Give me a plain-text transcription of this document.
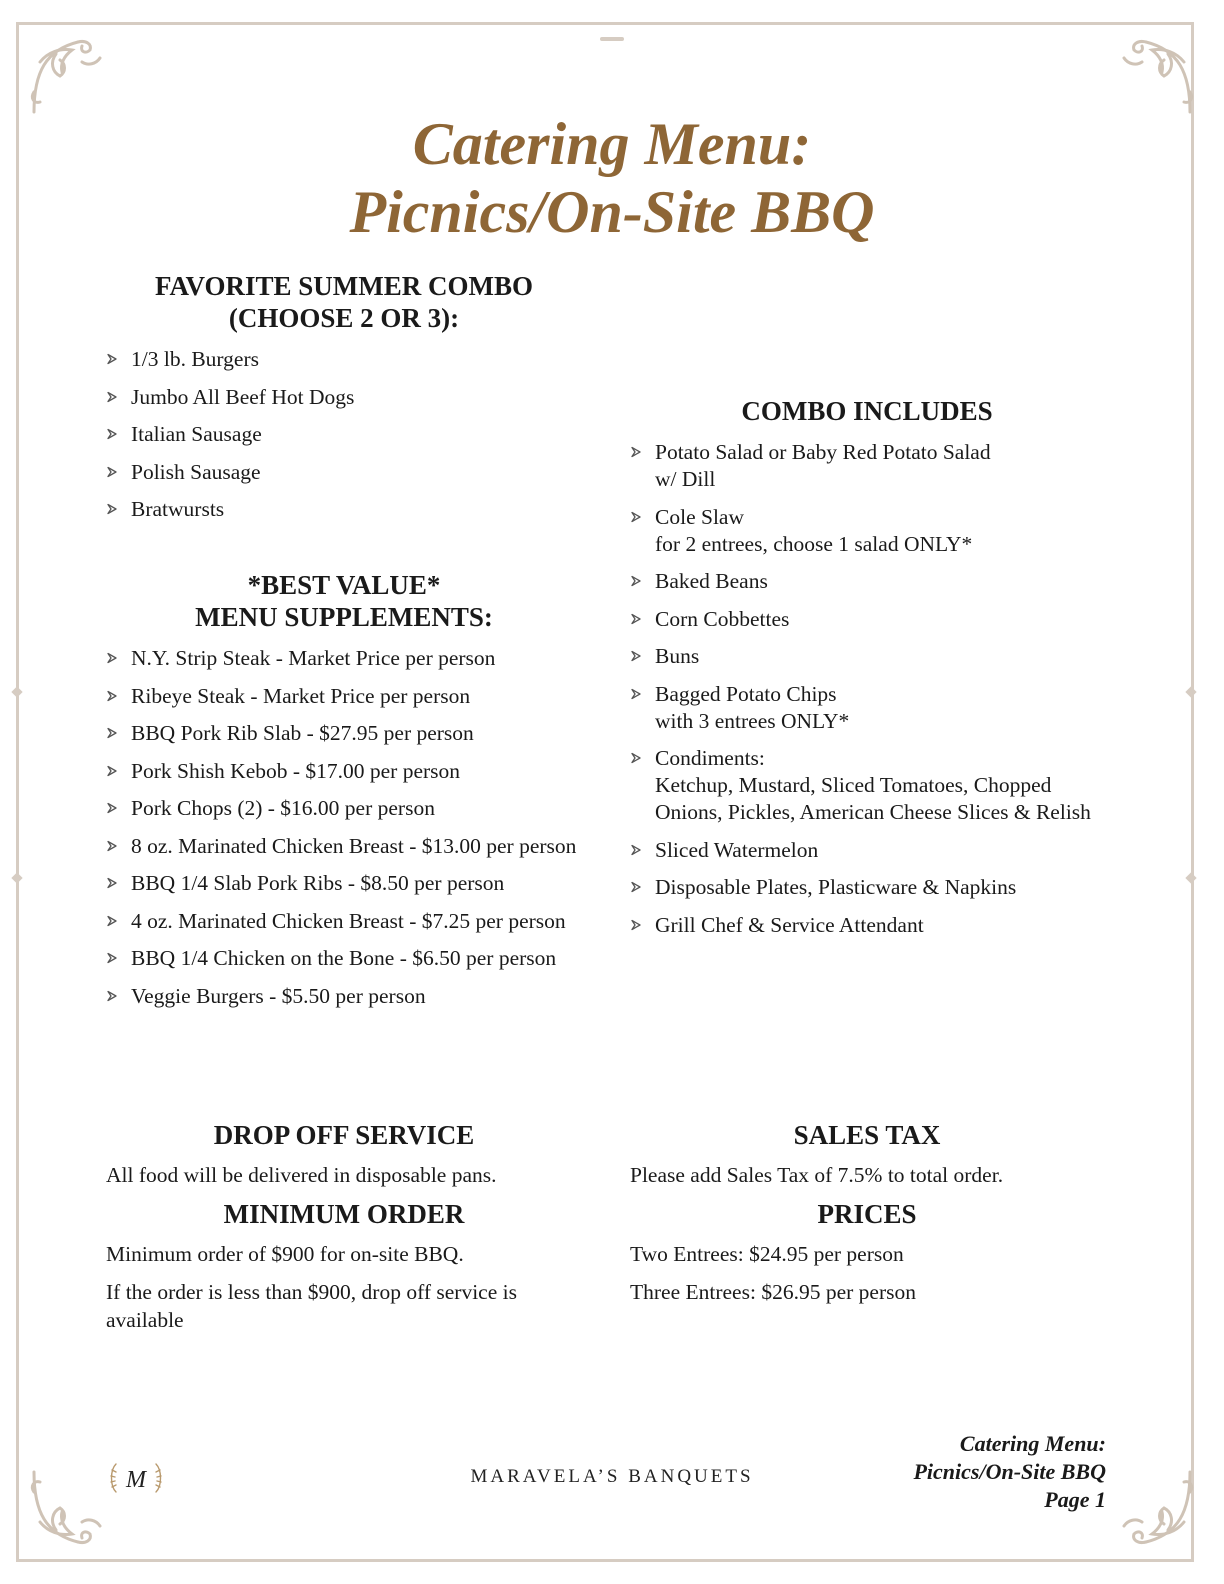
Catering Menu:
Picnics/On-Site BBQ

FAVORITE SUMMER COMBO

(CHOOSE 2 OR 3):

1/3 lb. Burgers
Jumbo All Beef Hot Dogs
Italian Sausage
Polish Sausage
Bratwursts

*BEST VALUE*

MENU SUPPLEMENTS:

N.Y. Strip Steak - Market Price per person
Ribeye Steak - Market Price per person
BBQ Pork Rib Slab - $27.95 per person
Pork Shish Kebob - $17.00 per person
Pork Chops (2) - $16.00 per person
8 oz. Marinated Chicken Breast - $13.00 per person
BBQ 1/4 Slab Pork Ribs - $8.50 per person
4 oz. Marinated Chicken Breast - $7.25 per person
BBQ 1/4 Chicken on the Bone - $6.50 per person
Veggie Burgers - $5.50 per person

COMBO INCLUDES

Potato Salad or Baby Red Potato Salad
w/ Dill
Cole Slaw
for 2 entrees, choose 1 salad ONLY*
Baked Beans
Corn Cobbettes
Buns
Bagged Potato Chips
with 3 entrees ONLY*
Condiments:
Ketchup, Mustard, Sliced Tomatoes, Chopped Onions, Pickles, American Cheese Slices & Relish
Sliced Watermelon
Disposable Plates, Plasticware & Napkins
Grill Chef & Service Attendant

DROP OFF SERVICE

All food will be delivered in disposable pans.

MINIMUM ORDER

Minimum order of $900 for on-site BBQ.

If the order is less than $900, drop off service is available

SALES TAX

Please add Sales Tax of 7.5% to total order.

PRICES

Two Entrees: $24.95 per person

Three Entrees: $26.95 per person

M	MARAVELA’S BANQUETS
Catering Menu:
Picnics/On-Site BBQ
Page 1
